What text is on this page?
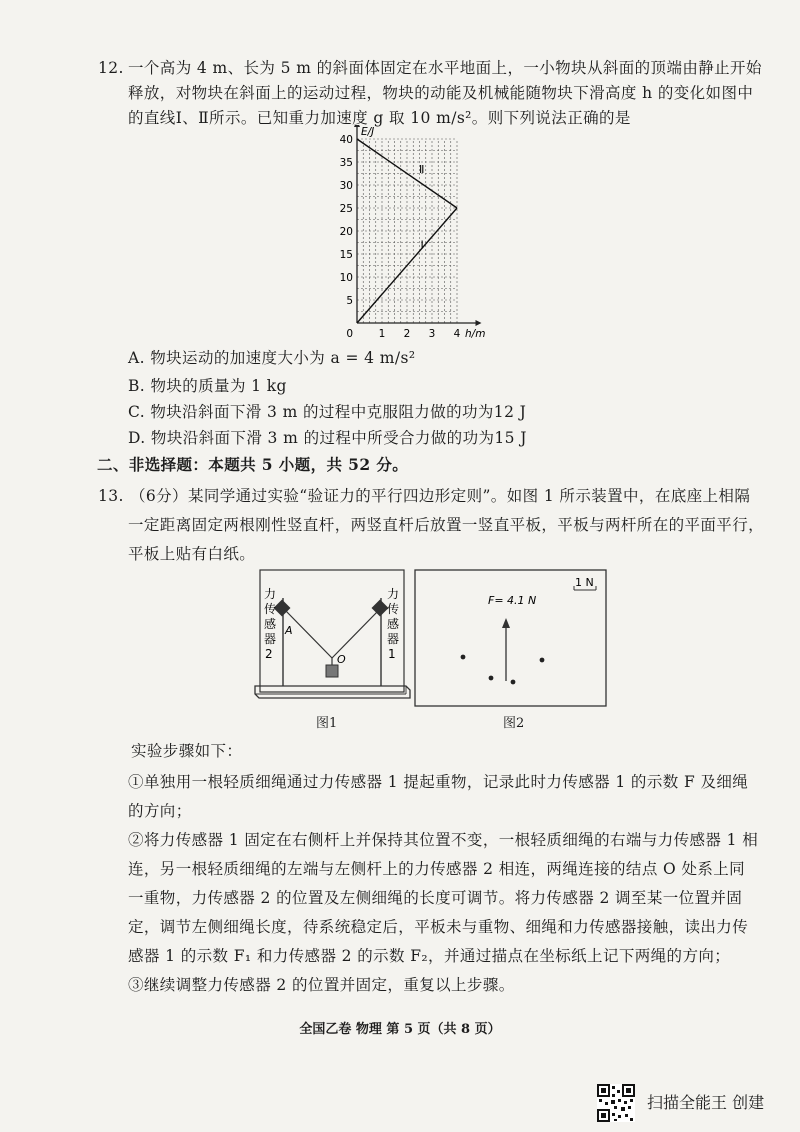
12. 一个高为 4 m、长为 5 m 的斜面体固定在水平地面上，一小物块从斜面的顶端由静止开始
释放，对物块在斜面上的运动过程，物块的动能及机械能随物块下滑高度 h 的变化如图中
的直线Ⅰ、Ⅱ所示。已知重力加速度 g 取 10 m/s²。则下列说法正确的是
Ⅰ
Ⅱ
5
10
15
20
25
30
35
40
0 1 2 3 4
E/J
h/m
A. 物块运动的加速度大小为 a = 4 m/s²
B. 物块的质量为 1 kg
C. 物块沿斜面下滑 3 m 的过程中克服阻力做的功为12 J
D. 物块沿斜面下滑 3 m 的过程中所受合力做的功为15 J
二、非选择题：本题共 5 小题，共 52 分。
13. （6分）某同学通过实验“验证力的平行四边形定则”。如图 1 所示装置中，在底座上相隔
一定距离固定两根刚性竖直杆，两竖直杆后放置一竖直平板，平板与两杆所在的平面平行，
平板上贴有白纸。
力
传
感
器
2
力
传
感
器
1
A
O
图1
1 N
F= 4.1 N
图2
实验步骤如下：
①单独用一根轻质细绳通过力传感器 1 提起重物，记录此时力传感器 1 的示数 F 及细绳
的方向；
②将力传感器 1 固定在右侧杆上并保持其位置不变，一根轻质细绳的右端与力传感器 1 相
连，另一根轻质细绳的左端与左侧杆上的力传感器 2 相连，两绳连接的结点 O 处系上同
一重物，力传感器 2 的位置及左侧细绳的长度可调节。将力传感器 2 调至某一位置并固
定，调节左侧细绳长度，待系统稳定后，平板未与重物、细绳和力传感器接触，读出力传
感器 1 的示数 F₁ 和力传感器 2 的示数 F₂，并通过描点在坐标纸上记下两绳的方向；
③继续调整力传感器 2 的位置并固定，重复以上步骤。
全国乙卷 物理 第 5 页（共 8 页）
扫描全能王 创建
